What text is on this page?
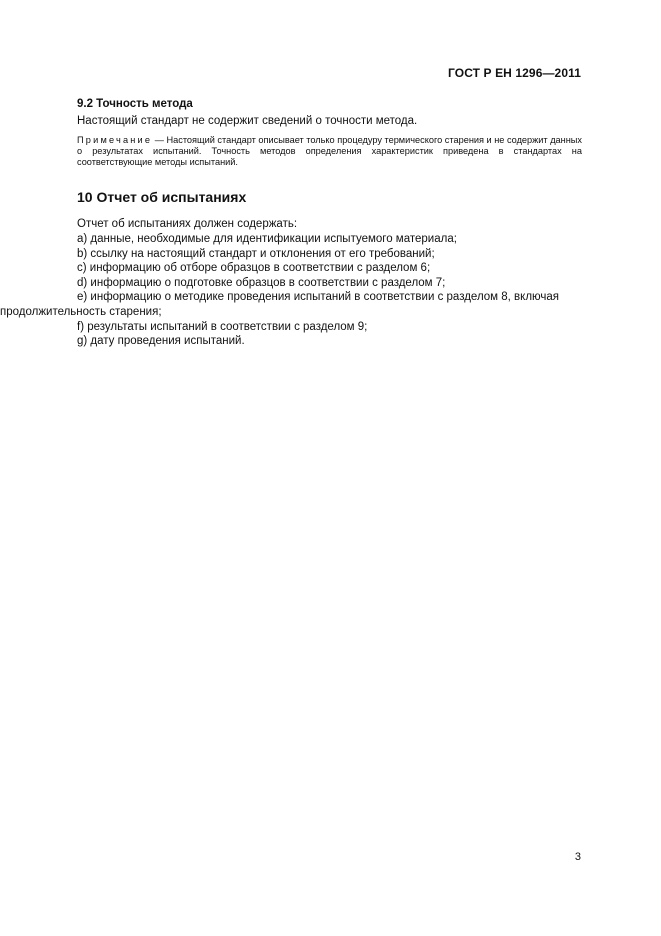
ГОСТ Р ЕН 1296—2011
9.2 Точность метода

Настоящий стандарт не содержит сведений о точности метода.

Примечание — Настоящий стандарт описывает только процедуру термического старения и не содержит данных о результатах испытаний. Точность методов определения характеристик приведена в стандартах на соответствующие методы испытаний.

10 Отчет об испытаниях

Отчет об испытаниях должен содержать:

a) данные, необходимые для идентификации испытуемого материала;
b) ссылку на настоящий стандарт и отклонения от его требований;
c) информацию об отборе образцов в соответствии с разделом 6;
d) информацию о подготовке образцов в соответствии с разделом 7;
e) информацию о методике проведения испытаний в соответствии с разделом 8, включая продолжительность старения;
f) результаты испытаний в соответствии с разделом 9;
g) дату проведения испытаний.
3
